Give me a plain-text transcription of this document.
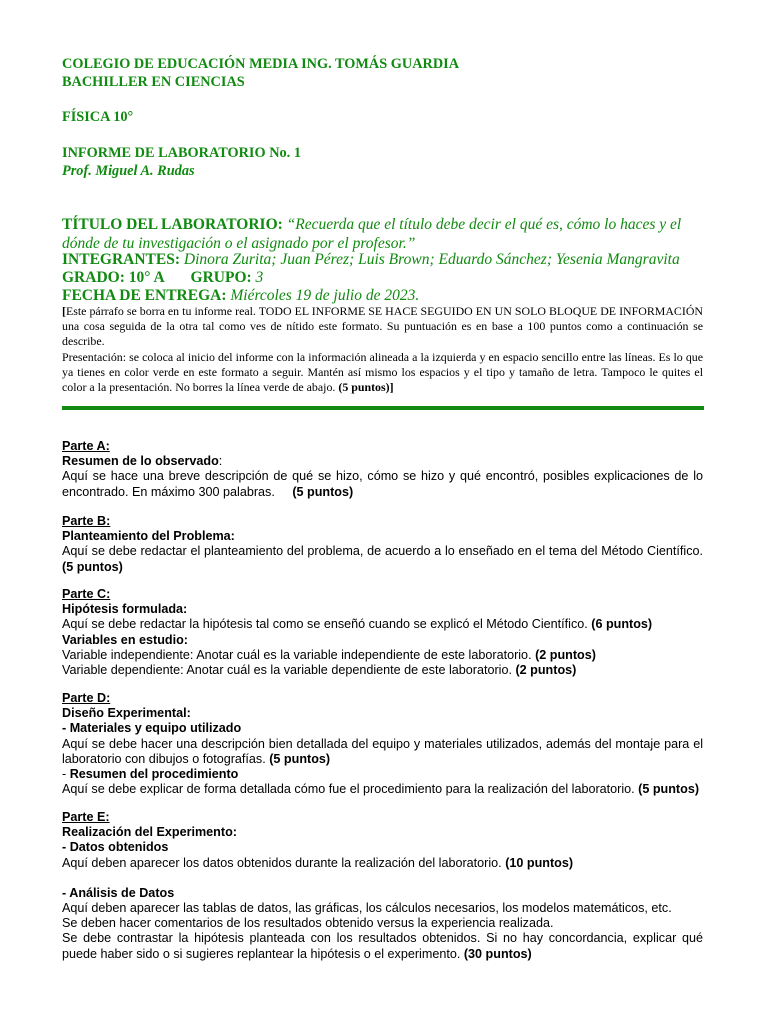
COLEGIO DE EDUCACIÓN MEDIA ING. TOMÁS GUARDIA
BACHILLER EN CIENCIAS
FÍSICA 10°
INFORME DE LABORATORIO No. 1
Prof. Miguel A. Rudas
TÍTULO DEL LABORATORIO: “Recuerda que el título debe decir el qué es, cómo lo haces y el dónde de tu investigación o el asignado por el profesor.”
INTEGRANTES: Dinora Zurita; Juan Pérez; Luis Brown; Eduardo Sánchez; Yesenia Mangravita
GRADO: 10° A GRUPO: 3
FECHA DE ENTREGA: Miércoles 19 de julio de 2023.
[Este párrafo se borra en tu informe real. TODO EL INFORME SE HACE SEGUIDO EN UN SOLO BLOQUE DE INFORMACIÓN una cosa seguida de la otra tal como ves de nítido este formato. Su puntuación es en base a 100 puntos como a continuación se describe.
Presentación: se coloca al inicio del informe con la información alineada a la izquierda y en espacio sencillo entre las líneas. Es lo que ya tienes en color verde en este formato a seguir. Mantén así mismo los espacios y el tipo y tamaño de letra. Tampoco le quites el color a la presentación. No borres la línea verde de abajo. (5 puntos)]
Parte A:
Resumen de lo observado:
Aquí se hace una breve descripción de qué se hizo, cómo se hizo y qué encontró, posibles explicaciones de lo encontrado. En máximo 300 palabras. (5 puntos)
Parte B:
Planteamiento del Problema:
Aquí se debe redactar el planteamiento del problema, de acuerdo a lo enseñado en el tema del Método Científico. (5 puntos)
Parte C:
Hipótesis formulada:
Aquí se debe redactar la hipótesis tal como se enseñó cuando se explicó el Método Científico. (6 puntos)
Variables en estudio:
Variable independiente: Anotar cuál es la variable independiente de este laboratorio. (2 puntos)
Variable dependiente: Anotar cuál es la variable dependiente de este laboratorio. (2 puntos)
Parte D:
Diseño Experimental:
- Materiales y equipo utilizado
Aquí se debe hacer una descripción bien detallada del equipo y materiales utilizados, además del montaje para el laboratorio con dibujos o fotografías. (5 puntos)
- Resumen del procedimiento
Aquí se debe explicar de forma detallada cómo fue el procedimiento para la realización del laboratorio. (5 puntos)
Parte E:
Realización del Experimento:
- Datos obtenidos
Aquí deben aparecer los datos obtenidos durante la realización del laboratorio. (10 puntos)
- Análisis de Datos
Aquí deben aparecer las tablas de datos, las gráficas, los cálculos necesarios, los modelos matemáticos, etc.
Se deben hacer comentarios de los resultados obtenido versus la experiencia realizada.
Se debe contrastar la hipótesis planteada con los resultados obtenidos. Si no hay concordancia, explicar qué puede haber sido o si sugieres replantear la hipótesis o el experimento. (30 puntos)
